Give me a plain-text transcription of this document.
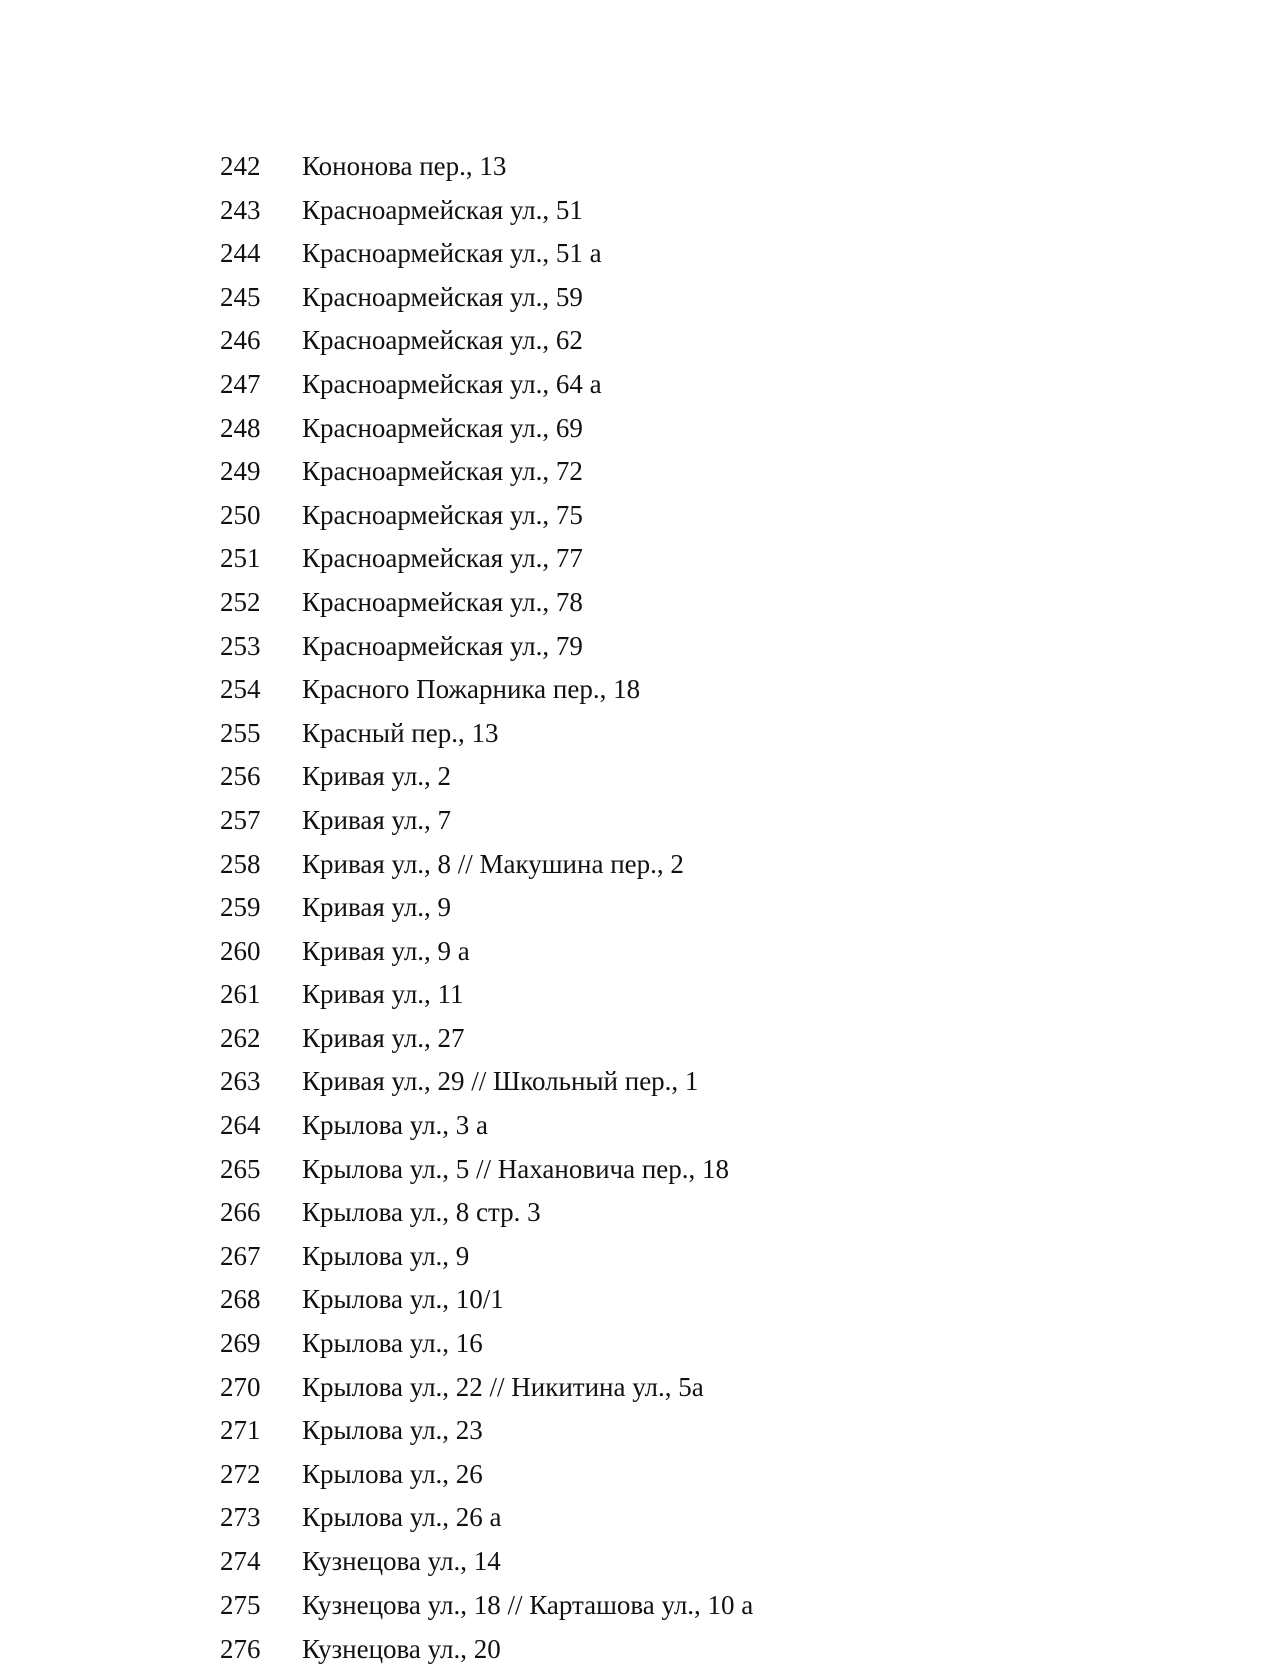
242	Кононова пер., 13
243	Красноармейская ул., 51
244	Красноармейская ул., 51 а
245	Красноармейская ул., 59
246	Красноармейская ул., 62
247	Красноармейская ул., 64 а
248	Красноармейская ул., 69
249	Красноармейская ул., 72
250	Красноармейская ул., 75
251	Красноармейская ул., 77
252	Красноармейская ул., 78
253	Красноармейская ул., 79
254	Красного Пожарника пер., 18
255	Красный пер., 13
256	Кривая ул., 2
257	Кривая ул., 7
258	Кривая ул., 8 // Макушина пер., 2
259	Кривая ул., 9
260	Кривая ул., 9 а
261	Кривая ул., 11
262	Кривая ул., 27
263	Кривая ул., 29 // Школьный пер., 1
264	Крылова ул., 3 а
265	Крылова ул., 5 // Нахановича пер., 18
266	Крылова ул., 8 стр. 3
267	Крылова ул., 9
268	Крылова ул., 10/1
269	Крылова ул., 16
270	Крылова ул., 22 // Никитина ул., 5а
271	Крылова ул., 23
272	Крылова ул., 26
273	Крылова ул., 26 а
274	Кузнецова ул., 14
275	Кузнецова ул., 18 // Карташова ул., 10 а
276	Кузнецова ул., 20
